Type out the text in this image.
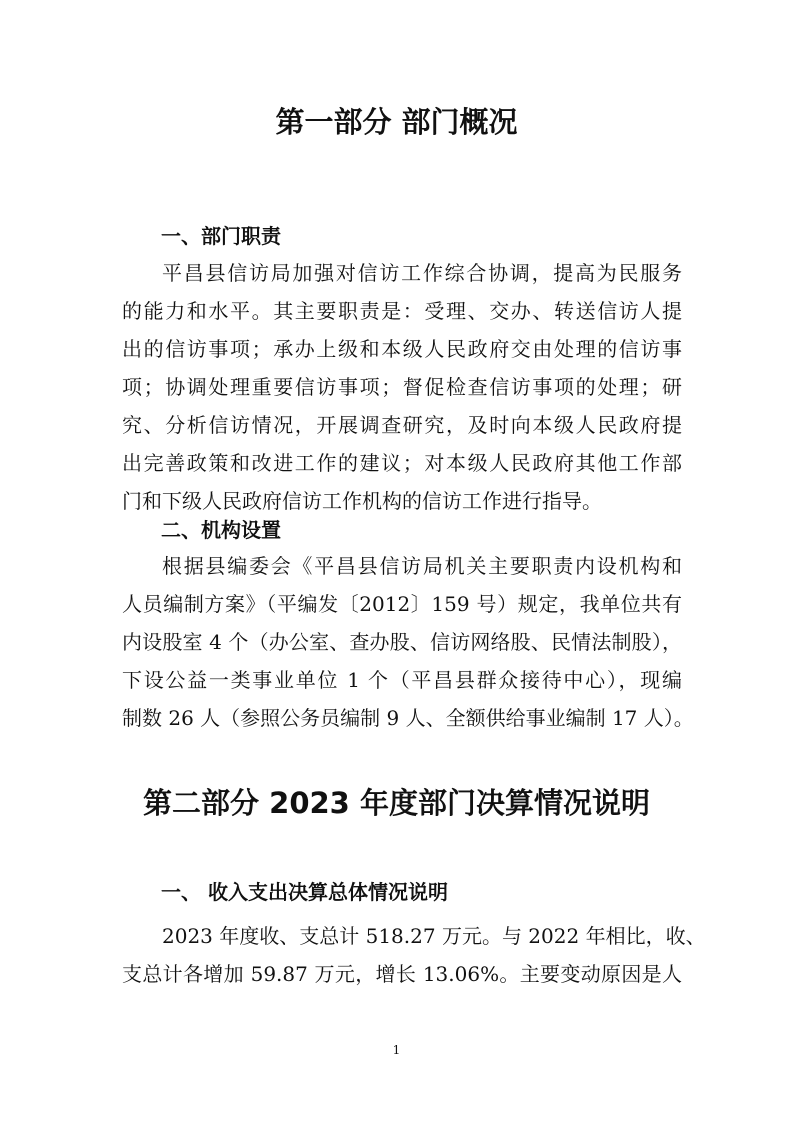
第一部分 部门概况
一、部门职责
平昌县信访局加强对信访工作综合协调，提高为民服务
的能力和水平。其主要职责是：受理、交办、转送信访人提
出的信访事项；承办上级和本级人民政府交由处理的信访事
项；协调处理重要信访事项；督促检查信访事项的处理；研
究、分析信访情况，开展调查研究，及时向本级人民政府提
出完善政策和改进工作的建议；对本级人民政府其他工作部
门和下级人民政府信访工作机构的信访工作进行指导。
二、机构设置
根据县编委会《平昌县信访局机关主要职责内设机构和
人员编制方案》（平编发〔2012〕159 号）规定，我单位共有
内设股室 4 个（办公室、查办股、信访网络股、民情法制股），
下设公益一类事业单位 1 个（平昌县群众接待中心），现编
制数 26 人（参照公务员编制 9 人、全额供给事业编制 17 人）。
第二部分 2023 年度部门决算情况说明
一、 收入支出决算总体情况说明
2023 年度收、支总计 518.27 万元。与 2022 年相比，收、
支总计各增加 59.87 万元，增长 13.06%。主要变动原因是人
1
